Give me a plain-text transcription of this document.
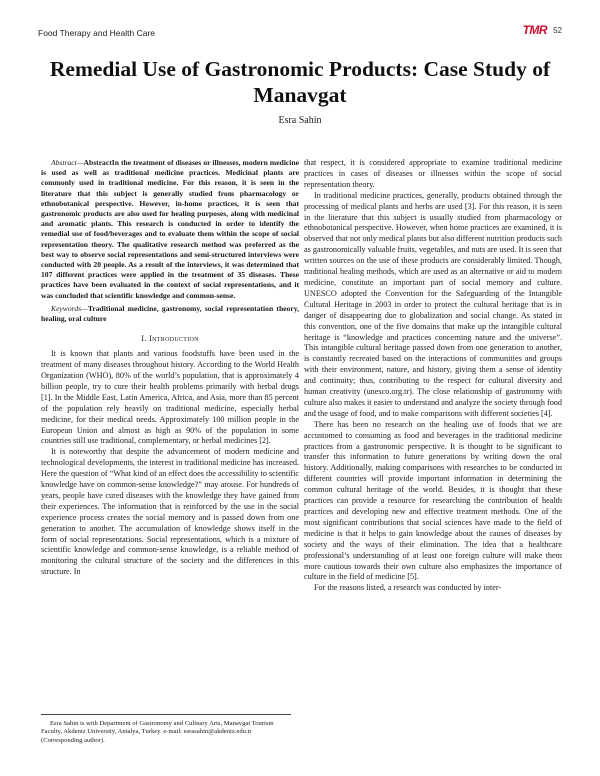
Food Therapy and Health Care	TMR 52
Remedial Use of Gastronomic Products: Case Study of Manavgat
Esra Sahin

Abstract—AbstractIn the treatment of diseases or illnesses, modern medicine is used as well as traditional medicine practices. Medicinal plants are commonly used in traditional medicine. For this reason, it is seen in the literature that this subject is generally studied from pharmacology or ethnobotanical perspective. However, in-home practices, it is seen that gastronomic products are also used for healing purposes, along with medicinal and aromatic plants. This research is conducted in order to identify the remedial use of food/beverages and to evaluate them within the scope of social representation theory. The qualitative research method was preferred as the best way to observe social representations and semi-structured interviews were conducted with 20 people. As a result of the interviews, it was determined that 107 different practices were applied in the treatment of 35 diseases. These practices have been evaluated in the context of social representations, and it was concluded that scientific knowledge and common-sense.

Keywords—Traditional medicine, gastronomy, social representation theory, healing, oral culture

I. Introduction

It is known that plants and various foodstuffs have been used in the treatment of many diseases throughout history. According to the World Health Organization (WHO), 80% of the world’s population, that is approximately 4 billion people, try to cure their health problems primarily with herbal drugs [1]. In the Middle East, Latin America, Africa, and Asia, more than 85 percent of the population rely heavily on traditional medicine, especially herbal medicine, for their medical needs. Approximately 100 million people in the European Union and almost as high as 90% of the population in some countries still use traditional, complementary, or herbal medicines [2].

It is noteworthy that despite the advancement of modern medicine and technological developments, the interest in traditional medicine has increased. Here the question of “What kind of an effect does the accessibility to scientific knowledge have on common-sense knowledge?” may arouse. For hundreds of years, people have cured diseases with the knowledge they have gained from their experiences. The information that is reinforced by the use in the social experience process creates the social memory and is passed down from one generation to another. The accumulation of knowledge shows itself in the form of social representations. Social representations, which is a mixture of scientific knowledge and common-sense knowledge, is a reliable method of monitoring the cultural structure of the society and the differences in this structure. In

that respect, it is considered appropriate to examine traditional medicine practices in cases of diseases or illnesses within the scope of social representation theory.

In traditional medicine practices, generally, products obtained through the processing of medical plants and herbs are used [3]. For this reason, it is seen in the literature that this subject is usually studied from pharmacology or ethnobotanical perspective. However, when home practices are examined, it is observed that not only medical plants but also different nutrition products such as gastronomically valuable fruits, vegetables, and nuts are used. It is seen that written sources on the use of these products are considerably limited. Though, traditional healing methods, which are used as an alternative or aid to modern medicine, constitute an important part of social memory and culture. UNESCO adopted the Convention for the Safeguarding of the Intangible Cultural Heritage in 2003 in order to protect the cultural heritage that is in danger of disappearing due to globalization and social change. As stated in this convention, one of the five domains that make up the intangible cultural heritage is “knowledge and practices concerning nature and the universe”. This intangible cultural heritage passed down from one generation to another, is constantly recreated based on the interactions of communities and groups with their environment, nature, and history, giving them a sense of identity and continuity; thus, contributing to the respect for cultural diversity and human creativity (unesco.org.tr). The close relationship of gastronomy with culture also makes it easier to understand and analyze the society through food and the usage of food, and to make comparisons with different societies [4].

There has been no research on the healing use of foods that we are accustomed to consuming as food and beverages in the traditional medicine practices from a gastronomic perspective. It is thought to be significant to transfer this information to future generations by writing down the oral history. Additionally, making comparisons with researches to be conducted in different countries will provide important information in determining the common cultural heritage of the world. Besides, it is thought that these practices can provide a resource for researching the contribution of health practices and developing new and effective treatment methods. One of the most significant contributions that social sciences have made to the field of medicine is that it helps to gain knowledge about the causes of diseases by society and the ways of their elimination. The idea that a healthcare professional’s understanding of at least one foreign culture will make them more cautious towards their own culture also emphasizes the importance of culture in the field of medicine [5].

For the reasons listed, a research was conducted by inter-

Esra Sahin is with Department of Gastronomy and Culinary Arts, Manavgat Tourism Faculty, Akdeniz University, Antalya, Turkey. e-mail: esrasahin@akdeniz.edu.tr (Corresponding author).
